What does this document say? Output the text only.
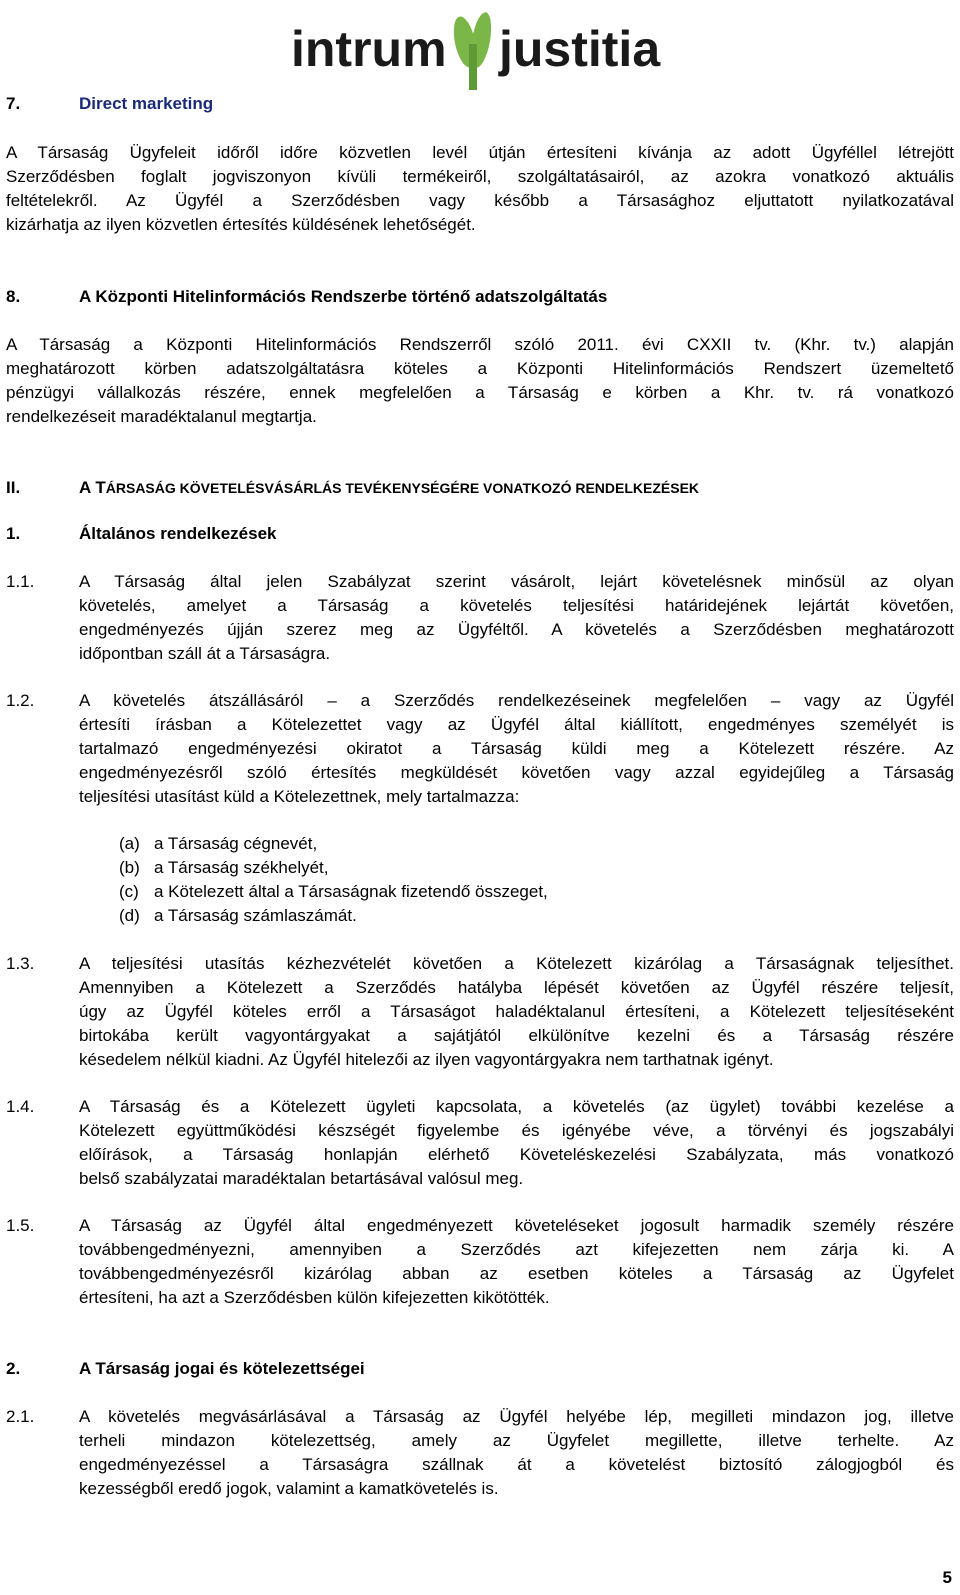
intrum justitia
7.	Direct marketing
A Társaság Ügyfeleit időről időre közvetlen levél útján értesíteni kívánja az adott Ügyféllel létrejött
Szerződésben foglalt jogviszonyon kívüli termékeiről, szolgáltatásairól, az azokra vonatkozó aktuális
feltételekről. Az Ügyfél a Szerződésben vagy később a Társasághoz eljuttatott nyilatkozatával
kizárhatja az ilyen közvetlen értesítés küldésének lehetőségét.
8.	A Központi Hitelinformációs Rendszerbe történő adatszolgáltatás
A Társaság a Központi Hitelinformációs Rendszerről szóló 2011. évi CXXII tv. (Khr. tv.) alapján
meghatározott körben adatszolgáltatásra köteles a Központi Hitelinformációs Rendszert üzemeltető
pénzügyi vállalkozás részére, ennek megfelelően a Társaság e körben a Khr. tv. rá vonatkozó
rendelkezéseit maradéktalanul megtartja.
II.	A TÁRSASÁG KÖVETELÉSVÁSÁRLÁS TEVÉKENYSÉGÉRE VONATKOZÓ RENDELKEZÉSEK
1.	Általános rendelkezések
1.1.	A Társaság által jelen Szabályzat szerint vásárolt, lejárt követelésnek minősül az olyan
követelés, amelyet a Társaság a követelés teljesítési határidejének lejártát követően,
engedményezés újján szerez meg az Ügyféltől. A követelés a Szerződésben meghatározott
időpontban száll át a Társaságra.
1.2.	A követelés átszállásáról – a Szerződés rendelkezéseinek megfelelően – vagy az Ügyfél
értesíti írásban a Kötelezettet vagy az Ügyfél által kiállított, engedményes személyét is
tartalmazó engedményezési okiratot a Társaság küldi meg a Kötelezett részére. Az
engedményezésről szóló értesítés megküldését követően vagy azzal egyidejűleg a Társaság
teljesítési utasítást küld a Kötelezettnek, mely tartalmazza:
(a) a Társaság cégnevét,
(b) a Társaság székhelyét,
(c) a Kötelezett által a Társaságnak fizetendő összeget,
(d) a Társaság számlaszámát.
1.3.	A teljesítési utasítás kézhezvételét követően a Kötelezett kizárólag a Társaságnak teljesíthet.
Amennyiben a Kötelezett a Szerződés hatályba lépését követően az Ügyfél részére teljesít,
úgy az Ügyfél köteles erről a Társaságot haladéktalanul értesíteni, a Kötelezett teljesítéseként
birtokába került vagyontárgyakat a sajátjától elkülönítve kezelni és a Társaság részére
késedelem nélkül kiadni. Az Ügyfél hitelezői az ilyen vagyontárgyakra nem tarthatnak igényt.
1.4.	A Társaság és a Kötelezett ügyleti kapcsolata, a követelés (az ügylet) további kezelése a
Kötelezett együttműködési készségét figyelembe és igényébe véve, a törvényi és jogszabályi
előírások, a Társaság honlapján elérhető Követeléskezelési Szabályzata, más vonatkozó
belső szabályzatai maradéktalan betartásával valósul meg.
1.5.	A Társaság az Ügyfél által engedményezett követeléseket jogosult harmadik személy részére
továbbengedményezni, amennyiben a Szerződés azt kifejezetten nem zárja ki. A
továbbengedményezésről kizárólag abban az esetben köteles a Társaság az Ügyfelet
értesíteni, ha azt a Szerződésben külön kifejezetten kikötötték.
2.	A Társaság jogai és kötelezettségei
2.1.	A követelés megvásárlásával a Társaság az Ügyfél helyébe lép, megilleti mindazon jog, illetve
terheli mindazon kötelezettség, amely az Ügyfelet megillette, illetve terhelte. Az
engedményezéssel a Társaságra szállnak át a követelést biztosító zálogjogból és
kezességből eredő jogok, valamint a kamatkövetelés is.
5
